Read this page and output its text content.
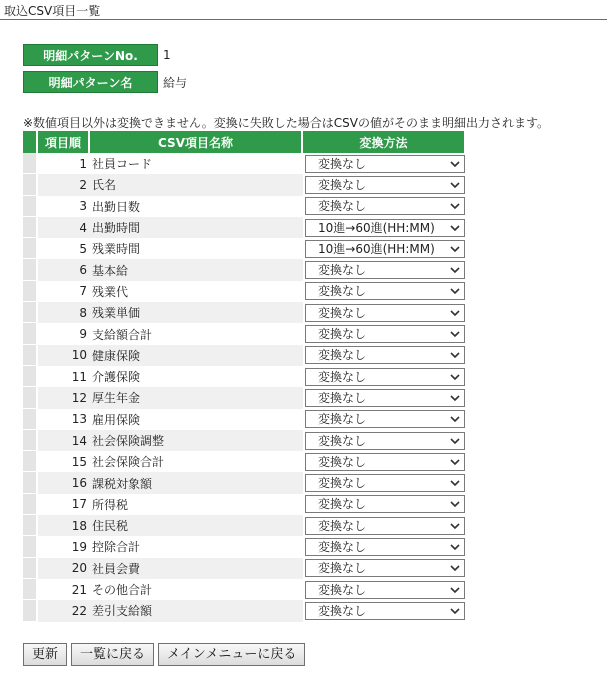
取込CSV項目一覧
明細パターンNo.	1
明細パターン名	給与
※数値項目以外は変換できません。変換に失敗した場合はCSVの値がそのまま明細出力されます。
	項目順	CSV項目名称	変換方法
	1	社員コード	変換なし

	2	氏名	変換なし

	3	出勤日数	変換なし

	4	出勤時間	10進→60進(HH:MM)

	5	残業時間	10進→60進(HH:MM)

	6	基本給	変換なし

	7	残業代	変換なし

	8	残業単価	変換なし

	9	支給額合計	変換なし

	10	健康保険	変換なし

	11	介護保険	変換なし

	12	厚生年金	変換なし

	13	雇用保険	変換なし

	14	社会保険調整	変換なし

	15	社会保険合計	変換なし

	16	課税対象額	変換なし

	17	所得税	変換なし

	18	住民税	変換なし

	19	控除合計	変換なし

	20	社員会費	変換なし

	21	その他合計	変換なし

	22	差引支給額	変換なし
更新	一覧に戻る	メインメニューに戻る
